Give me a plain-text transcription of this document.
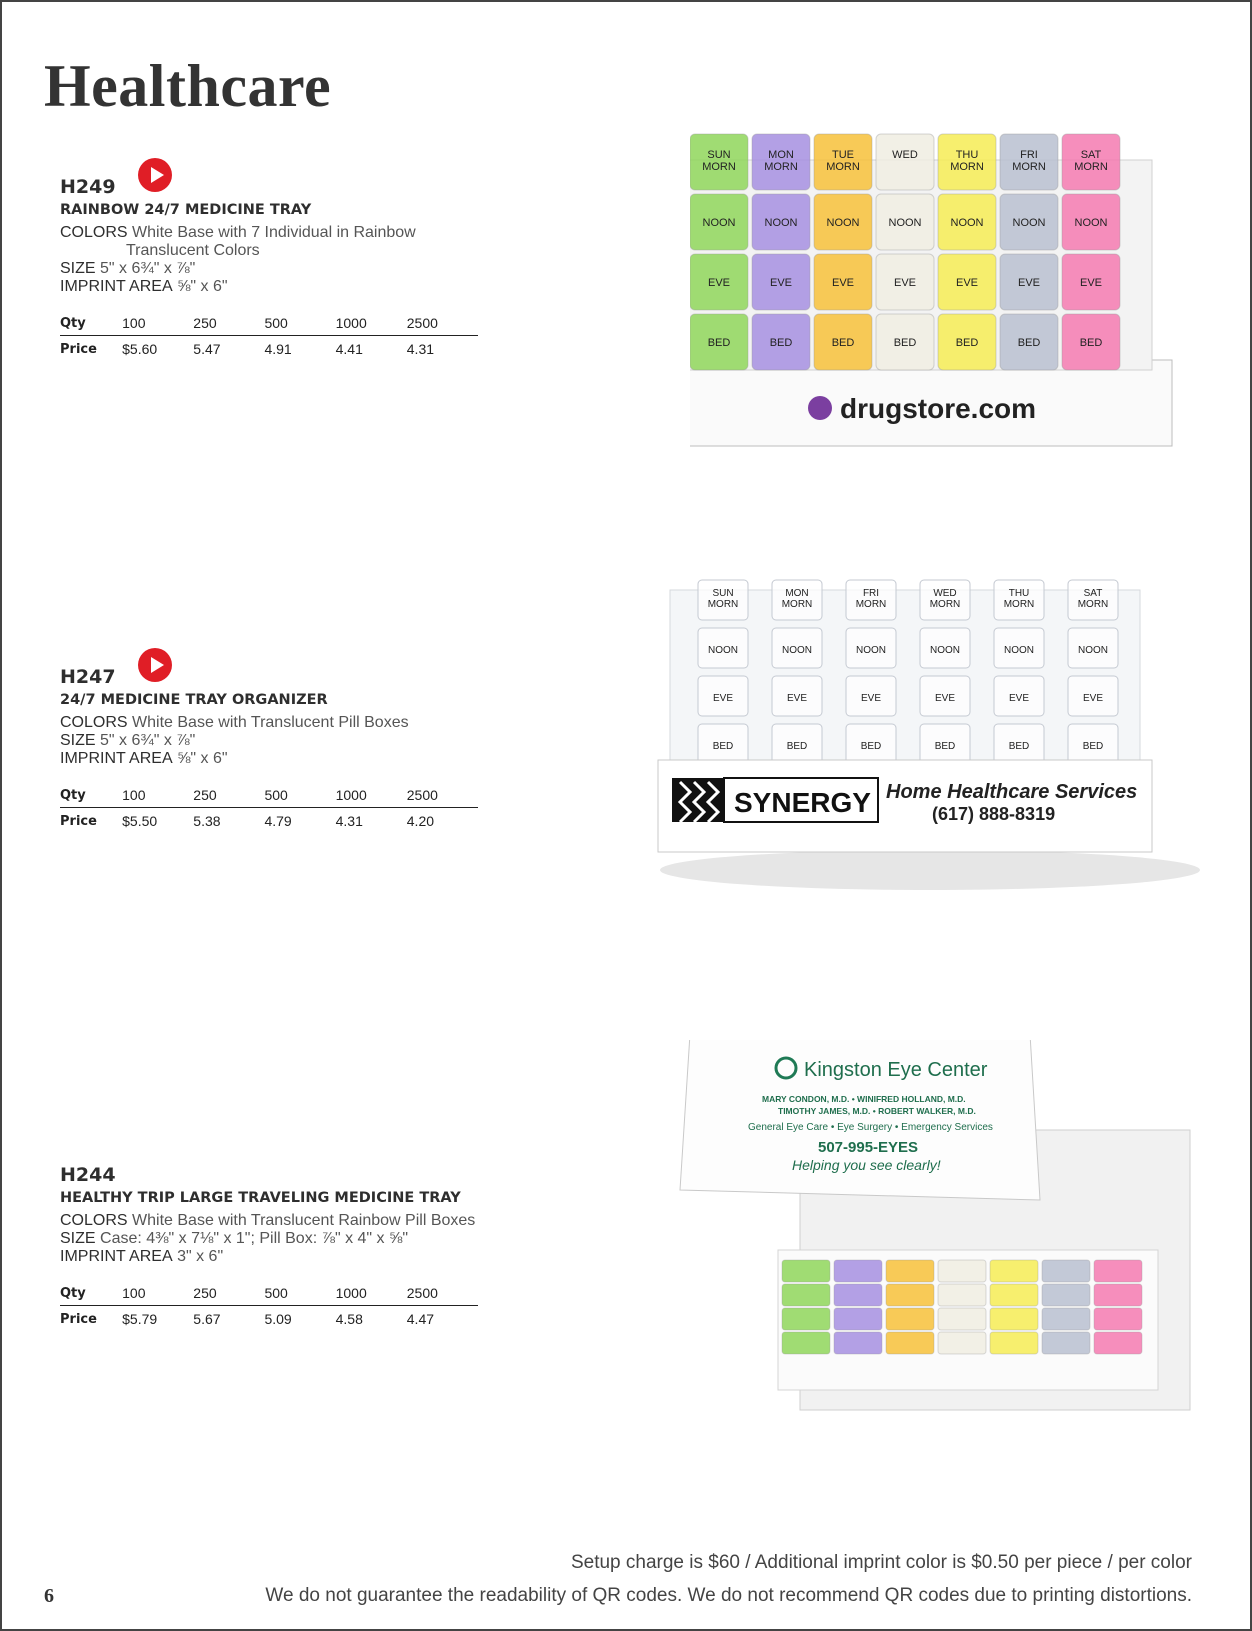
Healthcare
H249
RAINBOW 24/7 MEDICINE TRAY
COLORS White Base with 7 Individual in Rainbow
Translucent Colors
SIZE 5" x 6¾" x ⅞"
IMPRINT AREA ⅝" x 6"
Qty	100	250	500	1000	2500
Price	$5.60	5.47	4.91	4.41	4.31
H247
24/7 MEDICINE TRAY ORGANIZER
COLORS White Base with Translucent Pill Boxes
SIZE 5" x 6¾" x ⅞"
IMPRINT AREA ⅝" x 6"
Qty	100	250	500	1000	2500
Price	$5.50	5.38	4.79	4.31	4.20
H244
HEALTHY TRIP LARGE TRAVELING MEDICINE TRAY
COLORS White Base with Translucent Rainbow Pill Boxes
SIZE Case: 4⅜" x 7⅛" x 1"; Pill Box: ⅞" x 4" x ⅝"
IMPRINT AREA 3" x 6"
Qty	100	250	500	1000	2500
Price	$5.79	5.67	5.09	4.58	4.47
SUN
MORN
NOON
EVE
BED
MON
MORN
NOON
EVE
BED
TUE
MORN
NOON
EVE
BED
WED
NOON
EVE
BED
THU
MORN
NOON
EVE
BED
FRI
MORN
NOON
EVE
BED
SAT
MORN
NOON
EVE
BED
drugstore.com
SUN
MORN
NOON
EVE
BED
MON
MORN
NOON
EVE
BED
FRI
MORN
NOON
EVE
BED
WED
MORN
NOON
EVE
BED
THU
MORN
NOON
EVE
BED
SAT
MORN
NOON
EVE
BED
SYNERGY Home Healthcare Services
(617) 888-8319
Kingston Eye Center
MARY CONDON, M.D. • WINIFRED HOLLAND, M.D.
TIMOTHY JAMES, M.D. • ROBERT WALKER, M.D.
General Eye Care • Eye Surgery • Emergency Services
507-995-EYES
Helping you see clearly!
Setup charge is $60 / Additional imprint color is $0.50 per piece / per color
We do not guarantee the readability of QR codes. We do not recommend QR codes due to printing distortions.
6
